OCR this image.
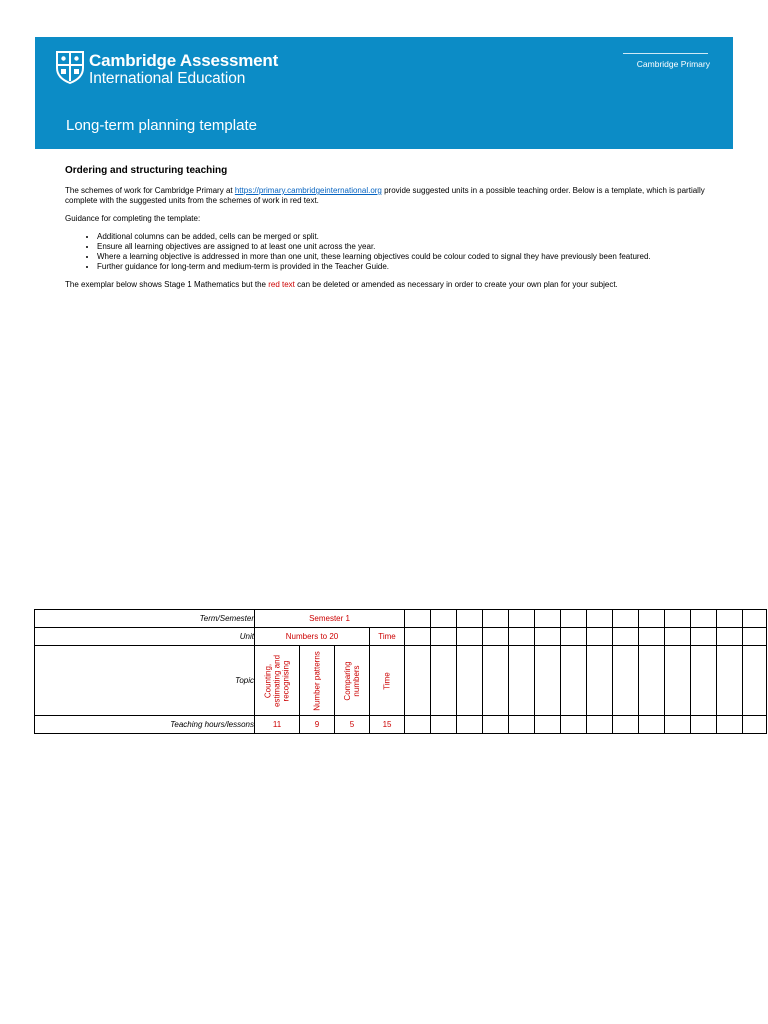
Cambridge Assessment
International Education
Cambridge Primary
Long-term planning template
Ordering and structuring teaching

The schemes of work for Cambridge Primary at https://primary.cambridgeinternational.org provide suggested units in a possible teaching order. Below is a template, which is partially complete with the suggested units from the schemes of work in red text.

Guidance for completing the template:

• Additional columns can be added, cells can be merged or split.
• Ensure all learning objectives are assigned to at least one unit across the year.
• Where a learning objective is addressed in more than one unit, these learning objectives could be colour coded to signal they have previously been featured.
• Further guidance for long-term and medium-term is provided in the Teacher Guide.

The exemplar below shows Stage 1 Mathematics but the red text can be deleted or amended as necessary in order to create your own plan for your subject.

Term/Semester	Semester 1																	
Unit	Numbers to 20			Time														
Topic	Counting, estimating and recognising	Number patterns	Comparing numbers	Time														

Teaching hours/lessons	11	9	5	15														
